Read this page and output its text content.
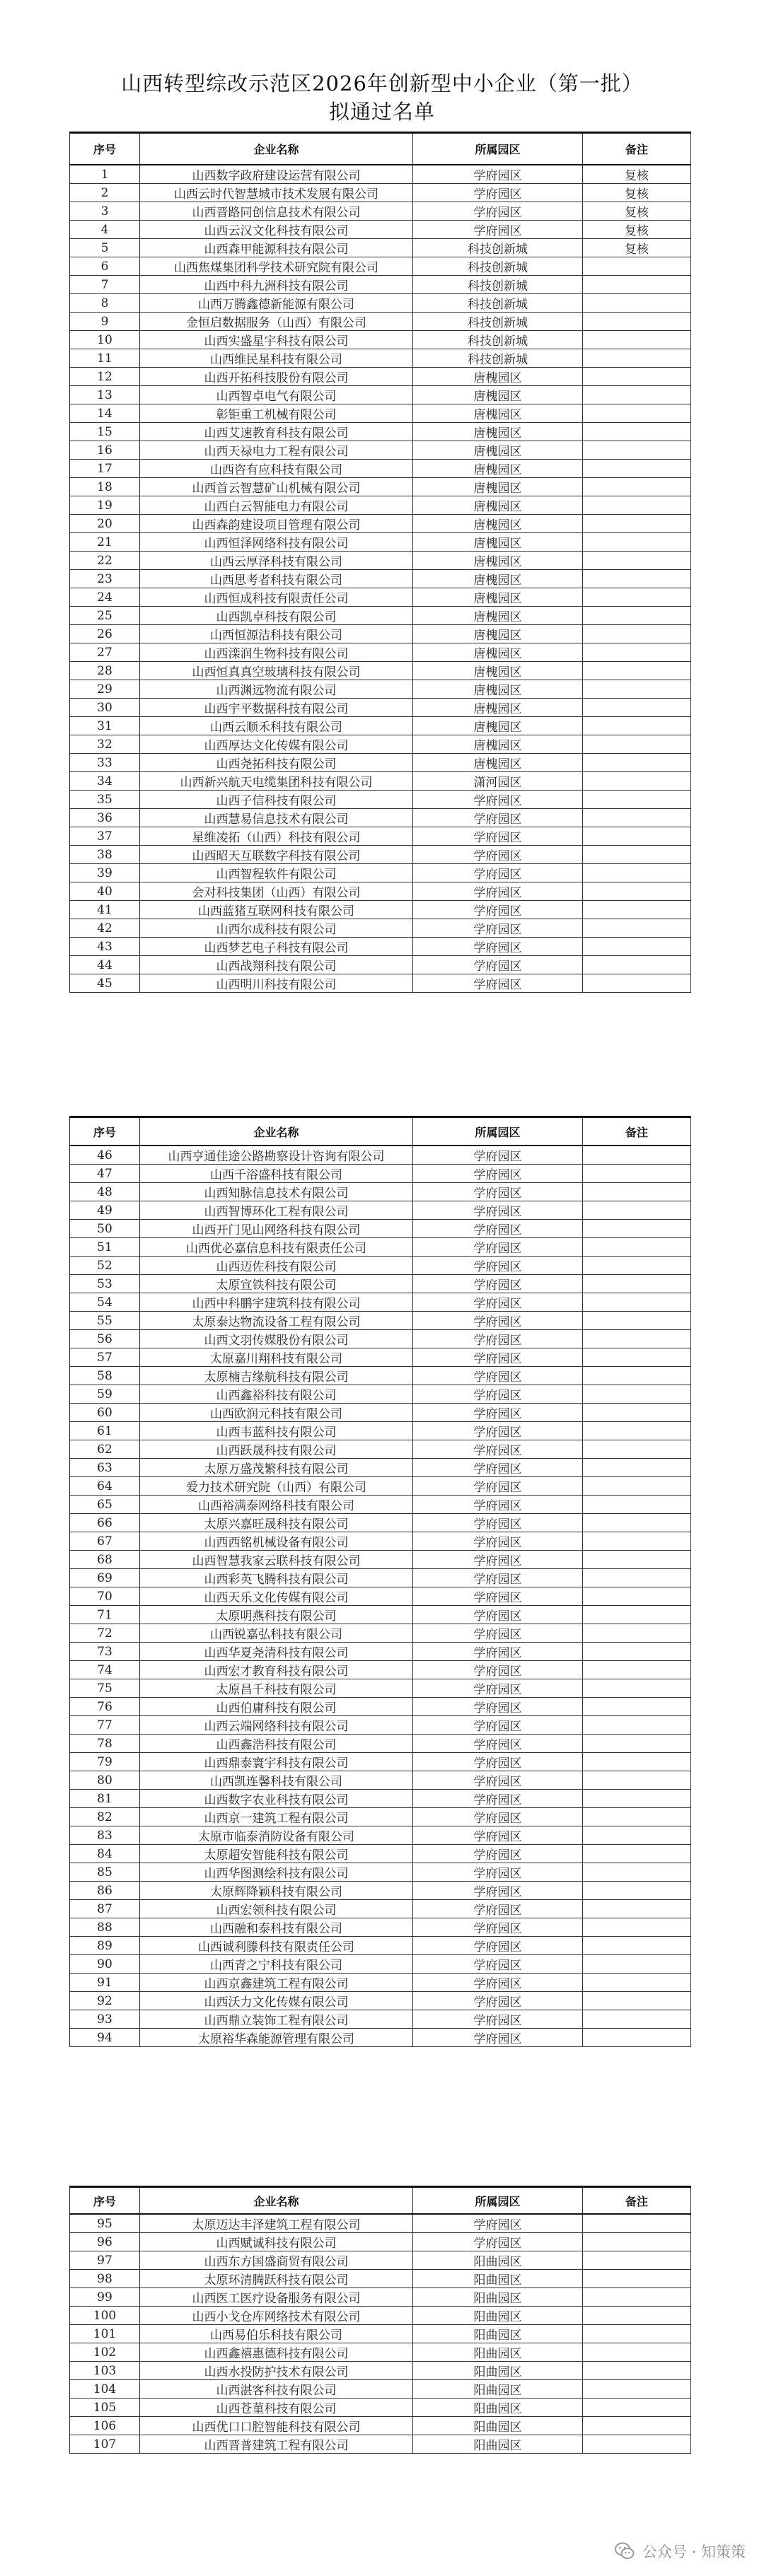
山西转型综改示范区2026年创新型中小企业（第一批）
拟通过名单
序号	企业名称	所属园区	备注
1	山西数字政府建设运营有限公司	学府园区	复核
2	山西云时代智慧城市技术发展有限公司	学府园区	复核
3	山西晋路同创信息技术有限公司	学府园区	复核
4	山西云汉文化科技有限公司	学府园区	复核
5	山西森甲能源科技有限公司	科技创新城	复核
6	山西焦煤集团科学技术研究院有限公司	科技创新城	
7	山西中科九洲科技有限公司	科技创新城	
8	山西万腾鑫德新能源有限公司	科技创新城	
9	金恒启数据服务（山西）有限公司	科技创新城	
10	山西实盛星宇科技有限公司	科技创新城	
11	山西维民星科技有限公司	科技创新城	
12	山西开拓科技股份有限公司	唐槐园区	
13	山西智卓电气有限公司	唐槐园区	
14	彰钜重工机械有限公司	唐槐园区	
15	山西艾速教育科技有限公司	唐槐园区	
16	山西天禄电力工程有限公司	唐槐园区	
17	山西咨有应科技有限公司	唐槐园区	
18	山西首云智慧矿山机械有限公司	唐槐园区	
19	山西白云智能电力有限公司	唐槐园区	
20	山西森韵建设项目管理有限公司	唐槐园区	
21	山西恒泽网络科技有限公司	唐槐园区	
22	山西云厚泽科技有限公司	唐槐园区	
23	山西思考者科技有限公司	唐槐园区	
24	山西恒成科技有限责任公司	唐槐园区	
25	山西凯卓科技有限公司	唐槐园区	
26	山西恒源洁科技有限公司	唐槐园区	
27	山西滦润生物科技有限公司	唐槐园区	
28	山西恒真真空玻璃科技有限公司	唐槐园区	
29	山西渊远物流有限公司	唐槐园区	
30	山西宇平数据科技有限公司	唐槐园区	
31	山西云顺禾科技有限公司	唐槐园区	
32	山西厚达文化传媒有限公司	唐槐园区	
33	山西尧拓科技有限公司	唐槐园区	
34	山西新兴航天电缆集团科技有限公司	潇河园区	
35	山西子信科技有限公司	学府园区	
36	山西慧易信息技术有限公司	学府园区	
37	星维凌拓（山西）科技有限公司	学府园区	
38	山西昭天互联数字科技有限公司	学府园区	
39	山西智程软件有限公司	学府园区	
40	会对科技集团（山西）有限公司	学府园区	
41	山西蓝猪互联网科技有限公司	学府园区	
42	山西尔成科技有限公司	学府园区	
43	山西梦艺电子科技有限公司	学府园区	
44	山西战翔科技有限公司	学府园区	
45	山西明川科技有限公司	学府园区	
序号	企业名称	所属园区	备注
46	山西亨通佳途公路勘察设计咨询有限公司	学府园区	
47	山西千浴盛科技有限公司	学府园区	
48	山西知脉信息技术有限公司	学府园区	
49	山西智博环化工程有限公司	学府园区	
50	山西开门见山网络科技有限公司	学府园区	
51	山西优必嘉信息科技有限责任公司	学府园区	
52	山西迈佐科技有限公司	学府园区	
53	太原宣铁科技有限公司	学府园区	
54	山西中科鹏宇建筑科技有限公司	学府园区	
55	太原泰达物流设备工程有限公司	学府园区	
56	山西文羽传媒股份有限公司	学府园区	
57	太原嘉川翔科技有限公司	学府园区	
58	太原楠吉缘航科技有限公司	学府园区	
59	山西鑫裕科技有限公司	学府园区	
60	山西欧润元科技有限公司	学府园区	
61	山西韦蓝科技有限公司	学府园区	
62	山西跃晟科技有限公司	学府园区	
63	太原万盛茂繁科技有限公司	学府园区	
64	爱力技术研究院（山西）有限公司	学府园区	
65	山西裕满泰网络科技有限公司	学府园区	
66	太原兴嘉旺晟科技有限公司	学府园区	
67	山西西铭机械设备有限公司	学府园区	
68	山西智慧我家云联科技有限公司	学府园区	
69	山西彩英飞腾科技有限公司	学府园区	
70	山西天乐文化传媒有限公司	学府园区	
71	太原明燕科技有限公司	学府园区	
72	山西锐嘉弘科技有限公司	学府园区	
73	山西华夏尧清科技有限公司	学府园区	
74	山西宏才教育科技有限公司	学府园区	
75	太原昌千科技有限公司	学府园区	
76	山西伯庸科技有限公司	学府园区	
77	山西云端网络科技有限公司	学府园区	
78	山西鑫浩科技有限公司	学府园区	
79	山西鼎泰寰宇科技有限公司	学府园区	
80	山西凯连馨科技有限公司	学府园区	
81	山西数字农业科技有限公司	学府园区	
82	山西京一建筑工程有限公司	学府园区	
83	太原市临泰消防设备有限公司	学府园区	
84	太原超安智能科技有限公司	学府园区	
85	山西华图测绘科技有限公司	学府园区	
86	太原辉降颖科技有限公司	学府园区	
87	山西宏领科技有限公司	学府园区	
88	山西融和泰科技有限公司	学府园区	
89	山西诚利滕科技有限责任公司	学府园区	
90	山西青之宁科技有限公司	学府园区	
91	山西京鑫建筑工程有限公司	学府园区	
92	山西沃力文化传媒有限公司	学府园区	
93	山西鼎立装饰工程有限公司	学府园区	
94	太原裕华森能源管理有限公司	学府园区	
序号	企业名称	所属园区	备注
95	太原迈达丰泽建筑工程有限公司	学府园区	
96	山西赋诚科技有限公司	学府园区	
97	山西东方国盛商贸有限公司	阳曲园区	
98	太原环清腾跃科技有限公司	阳曲园区	
99	山西医工医疗设备服务有限公司	阳曲园区	
100	山西小戈仓库网络技术有限公司	阳曲园区	
101	山西易伯乐科技有限公司	阳曲园区	
102	山西鑫禧惠德科技有限公司	阳曲园区	
103	山西水投防护技术有限公司	阳曲园区	
104	山西湛客科技有限公司	阳曲园区	
105	山西苍菫科技有限公司	阳曲园区	
106	山西优口口腔智能科技有限公司	阳曲园区	
107	山西晋普建筑工程有限公司	阳曲园区	
公众号 · 知策策
